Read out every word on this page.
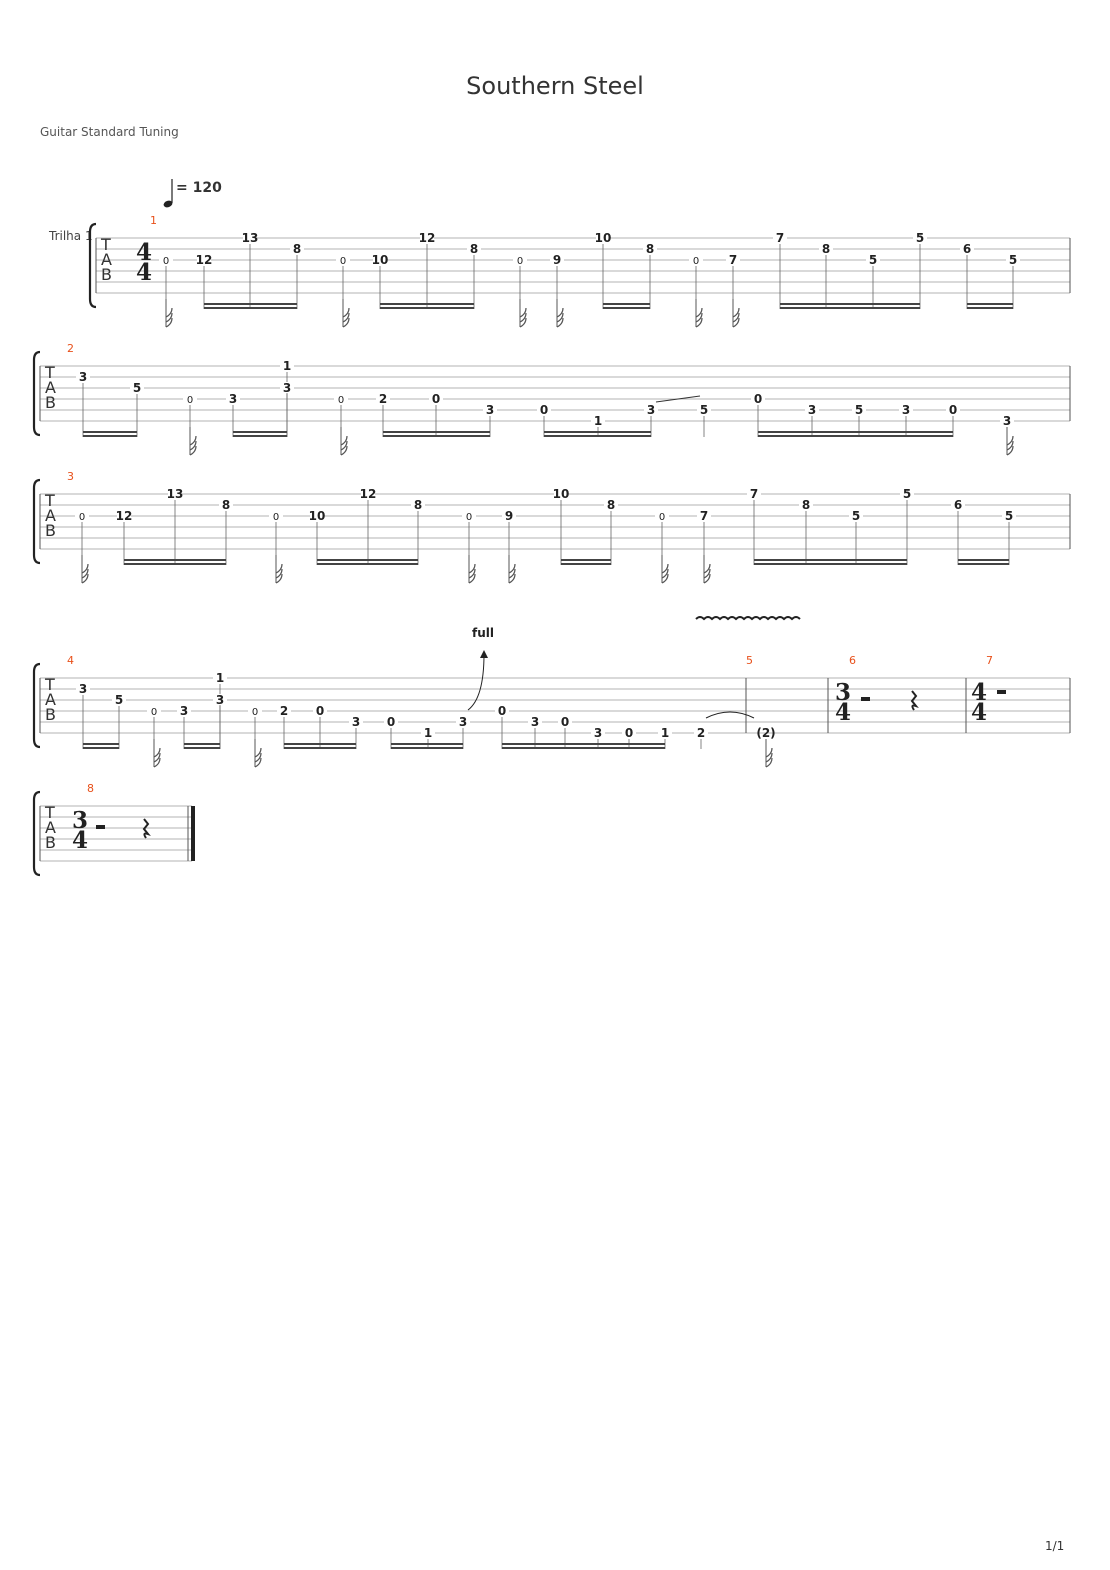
Southern Steel
Guitar Standard Tuning
Trilha 1
= 120
1/1
T
A
B
T
A
B
T
A
B
T
A
B
T
A
B
1
4
4 0 12
13
8
0 10
12
8
0 9
10
8
0 7
7
8
5
5
6
5
2
3
5
0	3
1
3
0	2	0
3	0
1
3	5
0
3	5	3	0
3
3
0	12
13
8
0 10
12
8
0	9
10
8
0	7
7
8
5
5
6
5
4
3
5
0 3
1
3
0 2 0
3 0
1
3
0
3 0
3 0 1 2	(2)
full
5	6
3
4
7
4
4
8
3
4
